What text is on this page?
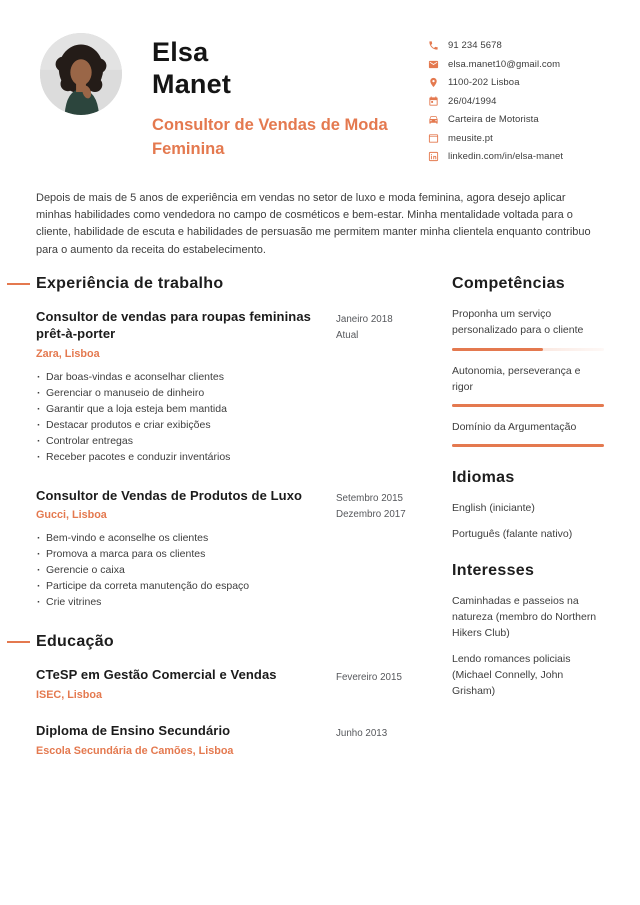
Elsa
Manet
Consultor de Vendas de Moda Feminina
91 234 5678
elsa.manet10@gmail.com
1100-202 Lisboa
26/04/1994
Carteira de Motorista
meusite.pt
linkedin.com/in/elsa-manet
Depois de mais de 5 anos de experiência em vendas no setor de luxo e moda feminina, agora desejo aplicar minhas habilidades como vendedora no campo de cosméticos e bem-estar. Minha mentalidade voltada para o cliente, habilidade de escuta e habilidades de persuasão me permitem manter minha clientela enquanto contribuo para o aumento da receita do estabelecimento.
Experiência de trabalho
Consultor de vendas para roupas femininas prêt-à-porter
Zara, Lisboa
· Dar boas-vindas e aconselhar clientes
· Gerenciar o manuseio de dinheiro
· Garantir que a loja esteja bem mantida
· Destacar produtos e criar exibições
· Controlar entregas
· Receber pacotes e conduzir inventários
Janeiro 2018
Atual
Consultor de Vendas de Produtos de Luxo
Gucci, Lisboa
· Bem-vindo e aconselhe os clientes
· Promova a marca para os clientes
· Gerencie o caixa
· Participe da correta manutenção do espaço
· Crie vitrines
Setembro 2015
Dezembro 2017
Educação
CTeSP em Gestão Comercial e Vendas
ISEC, Lisboa
Fevereiro 2015
Diploma de Ensino Secundário
Escola Secundária de Camões, Lisboa
Junho 2013
Competências
Proponha um serviço personalizado para o cliente
Autonomia, perseverança e rigor
Domínio da Argumentação
Idiomas
English (iniciante)
Português (falante nativo)
Interesses
Caminhadas e passeios na natureza (membro do Northern Hikers Club)
Lendo romances policiais (Michael Connelly, John Grisham)
